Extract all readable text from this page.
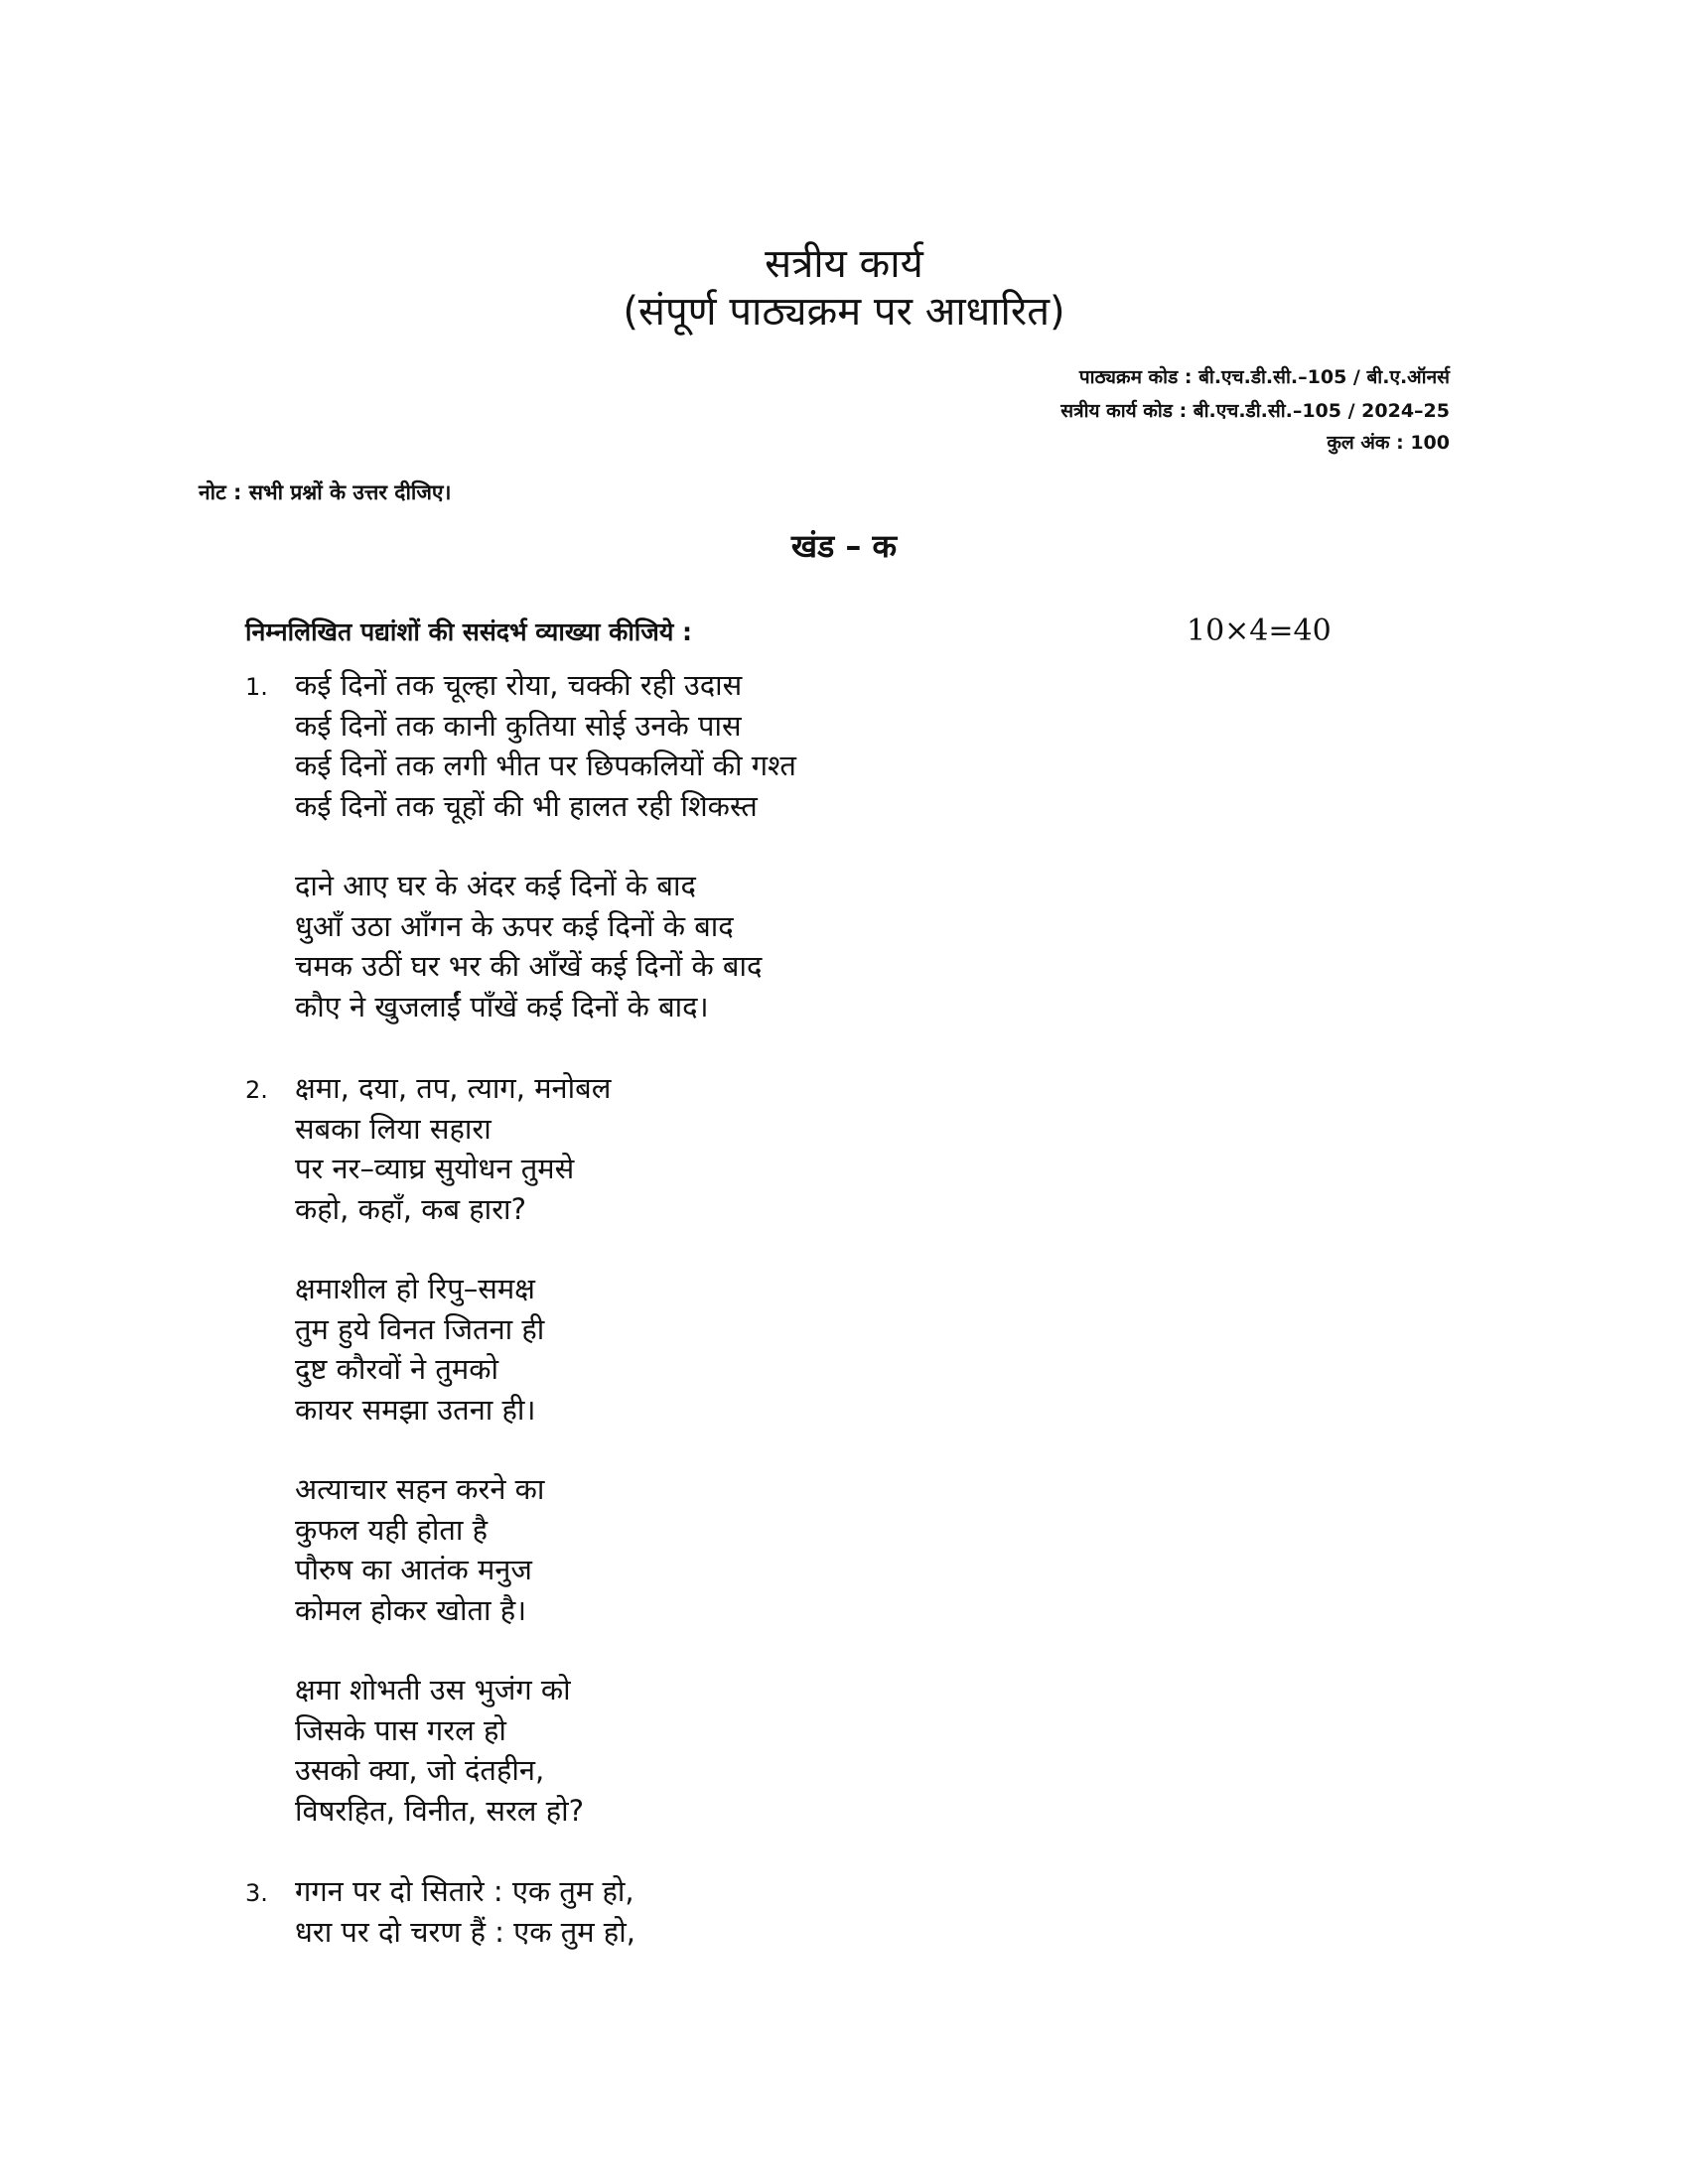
सत्रीय कार्य
(संपूर्ण पाठ्यक्रम पर आधारित)
पाठ्यक्रम कोड : बी.एच.डी.सी.–105 / बी.ए.ऑनर्स
सत्रीय कार्य कोड : बी.एच.डी.सी.–105 / 2024–25
कुल अंक : 100
नोट : सभी प्रश्नों के उत्तर दीजिए।
खंड – क
निम्नलिखित पद्यांशों की ससंदर्भ व्याख्या कीजिये :	10×4=40
1. कई दिनों तक चूल्हा रोया, चक्की रही उदास
कई दिनों तक कानी कुतिया सोई उनके पास
कई दिनों तक लगी भीत पर छिपकलियों की गश्त
कई दिनों तक चूहों की भी हालत रही शिकस्त
दाने आए घर के अंदर कई दिनों के बाद
धुआँ उठा आँगन के ऊपर कई दिनों के बाद
चमक उठीं घर भर की आँखें कई दिनों के बाद
कौए ने खुजलाईं पाँखें कई दिनों के बाद।
2. क्षमा, दया, तप, त्याग, मनोबल
सबका लिया सहारा
पर नर–व्याघ्र सुयोधन तुमसे
कहो, कहाँ, कब हारा?
क्षमाशील हो रिपु–समक्ष
तुम हुये विनत जितना ही
दुष्ट कौरवों ने तुमको
कायर समझा उतना ही।
अत्याचार सहन करने का
कुफल यही होता है
पौरुष का आतंक मनुज
कोमल होकर खोता है।
क्षमा शोभती उस भुजंग को
जिसके पास गरल हो
उसको क्या, जो दंतहीन,
विषरहित, विनीत, सरल हो?
3. गगन पर दो सितारे : एक तुम हो,
धरा पर दो चरण हैं : एक तुम हो,
